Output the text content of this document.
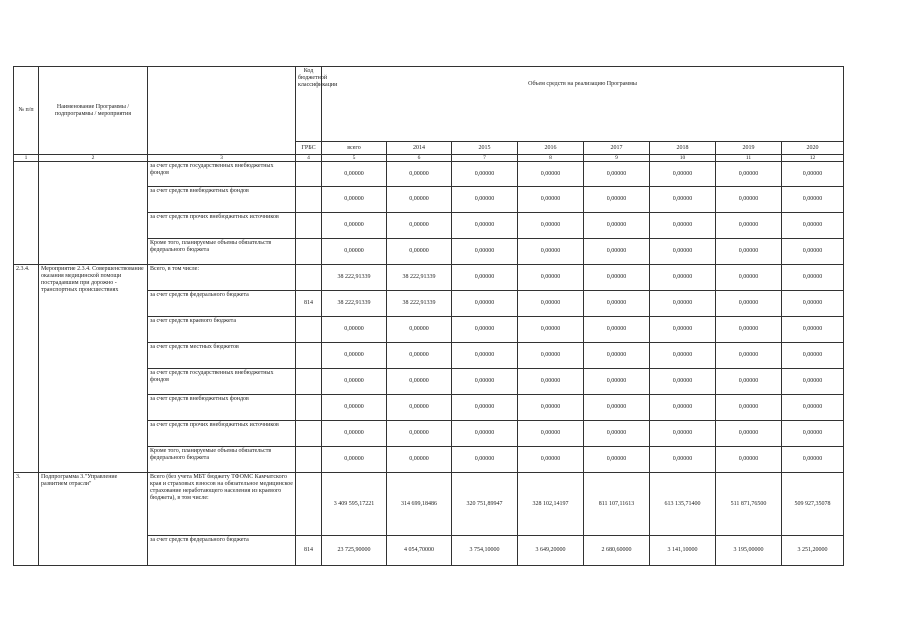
№ п/п	Наименование Программы / подпрограммы / мероприятия		Код бюджетной классификации	Объем средств на реализацию Программы							
			ГРБС	всего	2014	2015	2016	2017	2018	2019	2020
1	2	3	4	5	6	7	8	9	10	11	12
		за счет средств государственных внебюджетных фондов		0,00000	0,00000	0,00000	0,00000	0,00000	0,00000	0,00000	0,00000
		за счет средств внебюджетных фондов		0,00000	0,00000	0,00000	0,00000	0,00000	0,00000	0,00000	0,00000
		за счет средств прочих внебюджетных источников		0,00000	0,00000	0,00000	0,00000	0,00000	0,00000	0,00000	0,00000
		Кроме того, планируемые объемы обязательств федерального бюджета		0,00000	0,00000	0,00000	0,00000	0,00000	0,00000	0,00000	0,00000
2.3.4.	Мероприятие 2.3.4. Совершенствование оказания медицинской помощи пострадавшим при дорожно - транспортных происшествиях	Всего, в том числе:		38 222,91339	38 222,91339	0,00000	0,00000	0,00000	0,00000	0,00000	0,00000
		за счет средств федерального бюджета	814	38 222,91339	38 222,91339	0,00000	0,00000	0,00000	0,00000	0,00000	0,00000
		за счет средств краевого бюджета		0,00000	0,00000	0,00000	0,00000	0,00000	0,00000	0,00000	0,00000
		за счет средств местных бюджетов		0,00000	0,00000	0,00000	0,00000	0,00000	0,00000	0,00000	0,00000
		за счет средств государственных внебюджетных фондов		0,00000	0,00000	0,00000	0,00000	0,00000	0,00000	0,00000	0,00000
		за счет средств внебюджетных фондов		0,00000	0,00000	0,00000	0,00000	0,00000	0,00000	0,00000	0,00000
		за счет средств прочих внебюджетных источников		0,00000	0,00000	0,00000	0,00000	0,00000	0,00000	0,00000	0,00000
		Кроме того, планируемые объемы обязательств федерального бюджета		0,00000	0,00000	0,00000	0,00000	0,00000	0,00000	0,00000	0,00000
3.	Подпрограмма 3."Управление развитием отрасли"	Всего (без учета МБТ бюджету ТФОМС Камчатского края и страховых взносов на обязательное медицинское страхование неработающего населения из краевого бюджета), в том числе:		3 409 595,17221	314 699,18486	320 751,89947	328 102,14197	811 107,11613	613 135,71400	511 871,76500	509 927,35078
		за счет средств федерального бюджета	814	23 725,90000	4 054,70000	3 754,10000	3 649,20000	2 680,60000	3 141,10000	3 195,00000	3 251,20000
